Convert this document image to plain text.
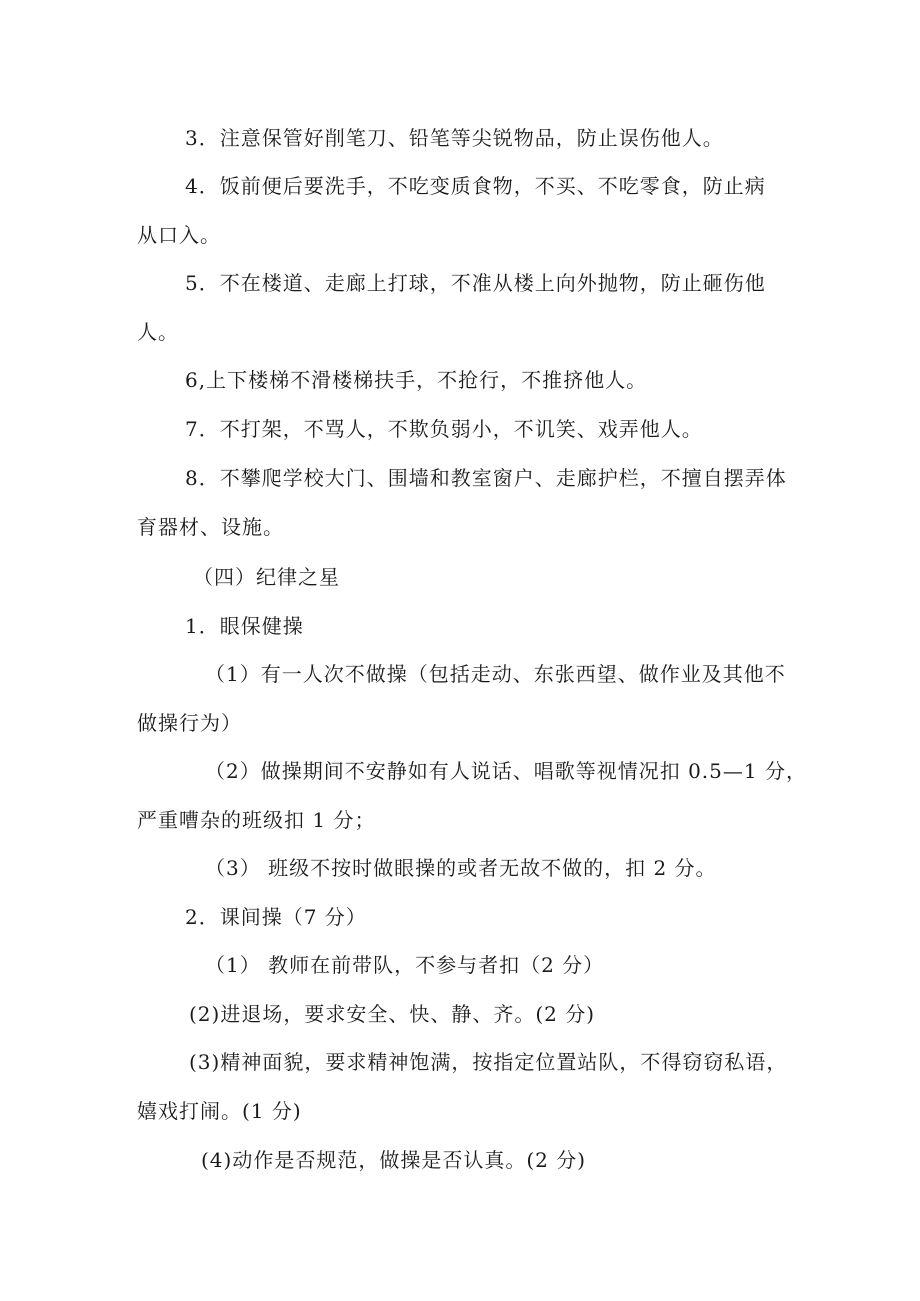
3．注意保管好削笔刀、铅笔等尖锐物品，防止误伤他人。
4．饭前便后要洗手，不吃变质食物，不买、不吃零食，防止病
从口入。
5．不在楼道、走廊上打球，不准从楼上向外抛物，防止砸伤他
人。
6,上下楼梯不滑楼梯扶手，不抢行，不推挤他人。
7．不打架，不骂人，不欺负弱小，不讥笑、戏弄他人。
8．不攀爬学校大门、围墙和教室窗户、走廊护栏，不擅自摆弄体
育器材、设施。
（四）纪律之星
1．眼保健操
（1）有一人次不做操（包括走动、东张西望、做作业及其他不
做操行为）
（2）做操期间不安静如有人说话、唱歌等视情况扣 0.5—1 分，
严重嘈杂的班级扣 1 分；
（3） 班级不按时做眼操的或者无故不做的，扣 2 分。
2．课间操（7 分）
（1） 教师在前带队，不参与者扣（2 分）
(2)进退场，要求安全、快、静、齐。(2 分)
(3)精神面貌，要求精神饱满，按指定位置站队，不得窃窃私语，
嬉戏打闹。(1 分)
(4)动作是否规范，做操是否认真。(2 分)
